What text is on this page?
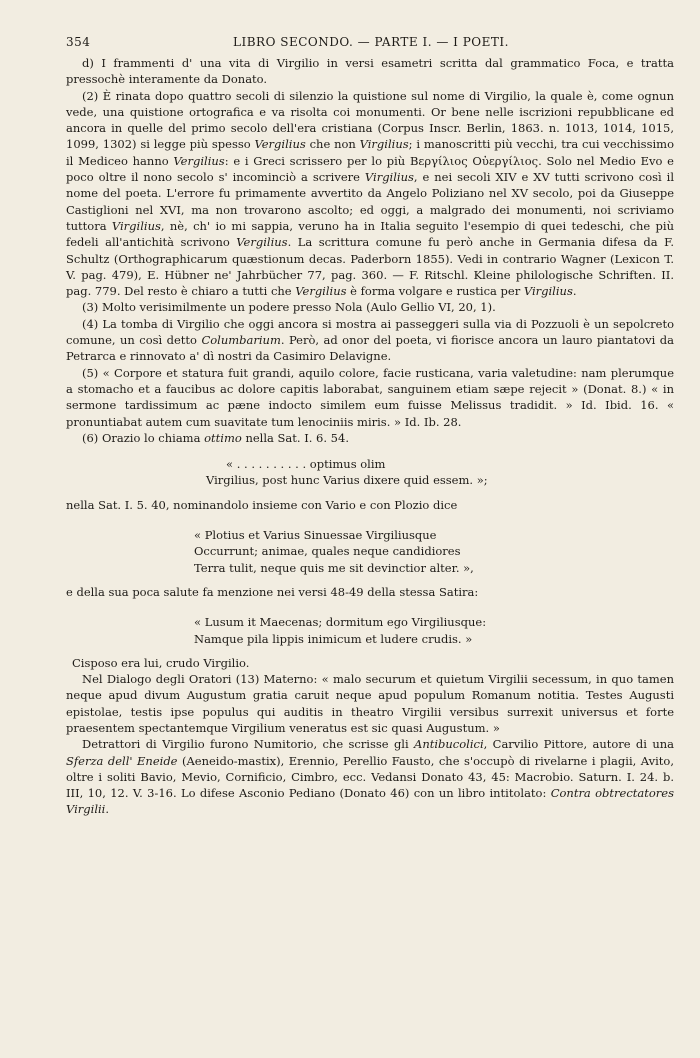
354	LIBRO SECONDO. — PARTE I. — I POETI.

d) I frammenti d' una vita di Virgilio in versi esametri scritta dal grammatico Foca, e tratta pressochè interamente da Donato.

(2) È rinata dopo quattro secoli di silenzio la quistione sul nome di Virgilio, la quale è, come ognun vede, una quistione ortografica e va risolta coi monumenti. Or bene nelle iscrizioni repubblicane ed ancora in quelle del primo secolo dell'era cristiana (Corpus Inscr. Berlin, 1863. n. 1013, 1014, 1015, 1099, 1302) si legge più spesso Vergilius che non Virgilius; i manoscritti più vecchi, tra cui vecchissimo il Mediceo hanno Vergilius: e i Greci scrissero per lo più Βεργίλιος Οὐεργίλιος. Solo nel Medio Evo e poco oltre il nono secolo s' incominciò a scrivere Virgilius, e nei secoli XIV e XV tutti scrivono così il nome del poeta. L'errore fu primamente avvertito da Angelo Poliziano nel XV secolo, poi da Giuseppe Castiglioni nel XVI, ma non trovarono ascolto; ed oggi, a malgrado dei monumenti, noi scriviamo tuttora Virgilius, nè, ch' io mi sappia, veruno ha in Italia seguito l'esempio di quei tedeschi, che più fedeli all'antichità scrivono Vergilius. La scrittura comune fu però anche in Germania difesa da F. Schultz (Orthographicarum quæstionum decas. Paderborn 1855). Vedi in contrario Wagner (Lexicon T. V. pag. 479), E. Hübner ne' Jahrbücher 77, pag. 360. — F. Ritschl. Kleine philologische Schriften. II. pag. 779. Del resto è chiaro a tutti che Vergilius è forma volgare e rustica per Virgilius.

(3) Molto verisimilmente un podere presso Nola (Aulo Gellio VI, 20, 1).

(4) La tomba di Virgilio che oggi ancora si mostra ai passeggeri sulla via di Pozzuoli è un sepolcreto comune, un così detto Columbarium. Però, ad onor del poeta, vi fiorisce ancora un lauro piantatovi da Petrarca e rinnovato a' dì nostri da Casimiro Delavigne.

(5) « Corpore et statura fuit grandi, aquilo colore, facie rusticana, varia valetudine: nam plerumque a stomacho et a faucibus ac dolore capitis laborabat, sanguinem etiam sæpe rejecit » (Donat. 8.) « in sermone tardissimum ac pæne indocto similem eum fuisse Melissus tradidit. » Id. Ibid. 16. « pronuntiabat autem cum suavitate tum lenociniis miris. » Id. Ib. 28.

(6) Orazio lo chiama ottimo nella Sat. I. 6. 54.

« . . . . . . . . . . optimus olim
Virgilius, post hunc Varius dixere quid essem. »;

nella Sat. I. 5. 40, nominandolo insieme con Vario e con Plozio dice

« Plotius et Varius Sinuessae Virgiliusque
Occurrunt; animae, quales neque candidiores
Terra tulit, neque quis me sit devinctior alter. »,

e della sua poca salute fa menzione nei versi 48-49 della stessa Satira:

« Lusum it Maecenas; dormitum ego Virgiliusque:
Namque pila lippis inimicum et ludere crudis. »

Cisposo era lui, crudo Virgilio.

Nel Dialogo degli Oratori (13) Materno: « malo securum et quietum Virgilii secessum, in quo tamen neque apud divum Augustum gratia caruit neque apud populum Romanum notitia. Testes Augusti epistolae, testis ipse populus qui auditis in theatro Virgilii versibus surrexit universus et forte praesentem spectantemque Virgilium veneratus est sic quasi Augustum. »

Detrattori di Virgilio furono Numitorio, che scrisse gli Antibucolici, Carvilio Pittore, autore di una Sferza dell' Eneide (Aeneido-mastix), Erennio, Perellio Fausto, che s'occupò di rivelarne i plagii, Avito, oltre i soliti Bavio, Mevio, Cornificio, Cimbro, ecc. Vedansi Donato 43, 45: Macrobio. Saturn. I. 24. b. III, 10, 12. V. 3-16. Lo difese Asconio Pediano (Donato 46) con un libro intitolato: Contra obtrectatores Virgilii.
